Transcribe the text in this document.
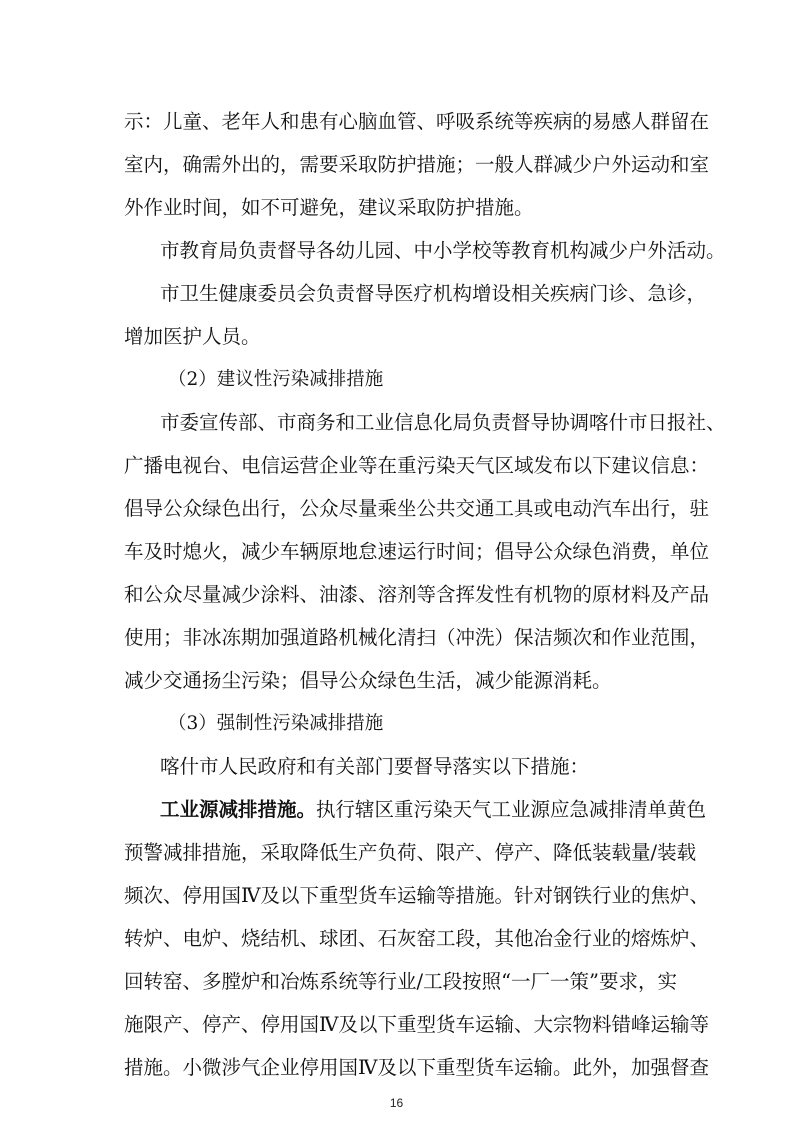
示：儿童、老年人和患有心脑血管、呼吸系统等疾病的易感人群留在
室内，确需外出的，需要采取防护措施；一般人群减少户外运动和室
外作业时间，如不可避免，建议采取防护措施。
市教育局负责督导各幼儿园、中小学校等教育机构减少户外活动。
市卫生健康委员会负责督导医疗机构增设相关疾病门诊、急诊，
增加医护人员。
（2）建议性污染减排措施
市委宣传部、市商务和工业信息化局负责督导协调喀什市日报社、
广播电视台、电信运营企业等在重污染天气区域发布以下建议信息：
倡导公众绿色出行，公众尽量乘坐公共交通工具或电动汽车出行，驻
车及时熄火，减少车辆原地怠速运行时间；倡导公众绿色消费，单位
和公众尽量减少涂料、油漆、溶剂等含挥发性有机物的原材料及产品
使用；非冰冻期加强道路机械化清扫（冲洗）保洁频次和作业范围，
减少交通扬尘污染；倡导公众绿色生活，减少能源消耗。
（3）强制性污染减排措施
喀什市人民政府和有关部门要督导落实以下措施：
工业源减排措施。执行辖区重污染天气工业源应急减排清单黄色
预警减排措施，采取降低生产负荷、限产、停产、降低装载量/装载
频次、停用国Ⅳ及以下重型货车运输等措施。针对钢铁行业的焦炉、
转炉、电炉、烧结机、球团、石灰窑工段，其他冶金行业的熔炼炉、
回转窑、多膛炉和冶炼系统等行业/工段按照“一厂一策”要求，实
施限产、停产、停用国Ⅳ及以下重型货车运输、大宗物料错峰运输等
措施。小微涉气企业停用国Ⅳ及以下重型货车运输。此外，加强督查
16
